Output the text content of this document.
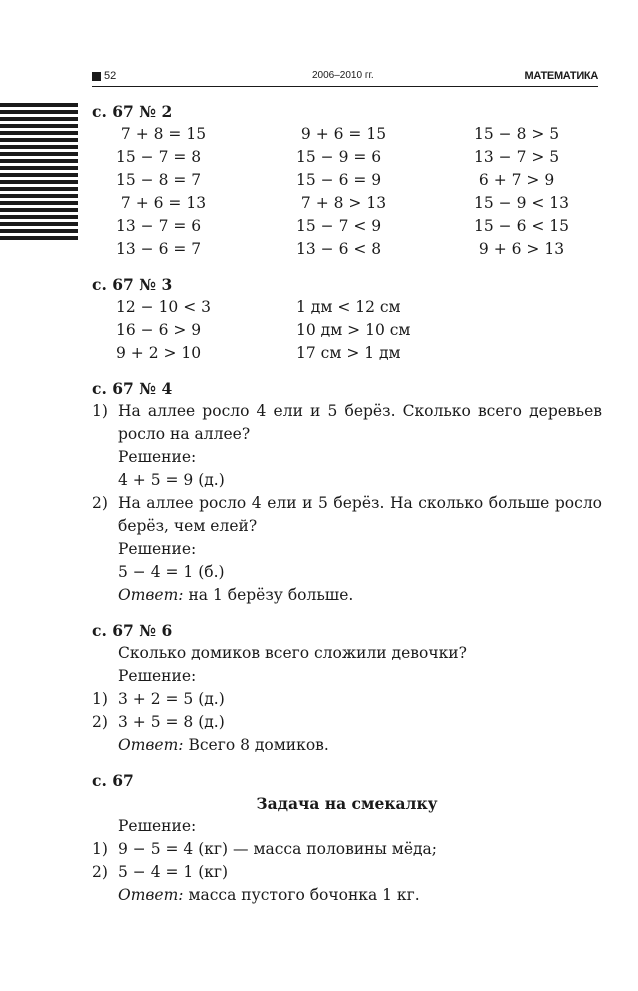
52	2006–2010 гг.	МАТЕМАТИКА
с. 67 № 2
7 + 8 = 15	9 + 6 = 15	15 − 8 > 5
15 − 7 = 8	15 − 9 = 6	13 − 7 > 5
15 − 8 = 7	15 − 6 = 9	6 + 7 > 9
7 + 6 = 13	7 + 8 > 13	15 − 9 < 13
13 − 7 = 6	15 − 7 < 9	15 − 6 < 15
13 − 6 = 7	13 − 6 < 8	9 + 6 > 13
с. 67 № 3
12 − 10 < 3	1 дм < 12 см
16 − 6 > 9	10 дм > 10 см
9 + 2 > 10	17 см > 1 дм
с. 67 № 4
1) На аллее росло 4 ели и 5 берёз. Сколько всего деревьев
росло на аллее?
Решение:
4 + 5 = 9 (д.)
2) На аллее росло 4 ели и 5 берёз. На сколько больше росло
берёз, чем елей?
Решение:
5 − 4 = 1 (б.)
Ответ: на 1 берёзу больше.
с. 67 № 6
Сколько домиков всего сложили девочки?
Решение:
1) 3 + 2 = 5 (д.)
2) 3 + 5 = 8 (д.)
Ответ: Всего 8 домиков.
с. 67
Задача на смекалку
Решение:
1) 9 − 5 = 4 (кг) — масса половины мёда;
2) 5 − 4 = 1 (кг)
Ответ: масса пустого бочонка 1 кг.
